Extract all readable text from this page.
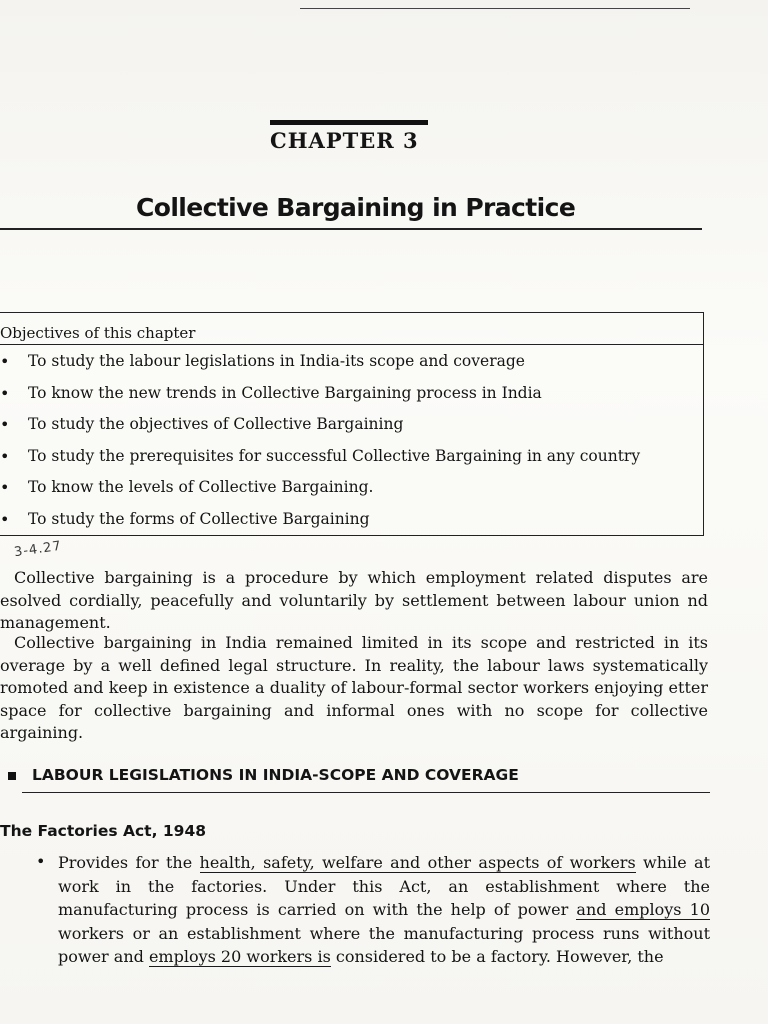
CHAPTER 3
Collective Bargaining in Practice
Objectives of this chapter
• To study the labour legislations in India-its scope and coverage
• To know the new trends in Collective Bargaining process in India
• To study the objectives of Collective Bargaining
• To study the prerequisites for successful Collective Bargaining in any country
• To know the levels of Collective Bargaining.
• To study the forms of Collective Bargaining
3-4.27
Collective bargaining is a procedure by which employment related disputes are esolved cordially, peacefully and voluntarily by settlement between labour union nd management.
Collective bargaining in India remained limited in its scope and restricted in its overage by a well defined legal structure. In reality, the labour laws systematically romoted and keep in existence a duality of labour-formal sector workers enjoying etter space for collective bargaining and informal ones with no scope for collective argaining.
LABOUR LEGISLATIONS IN INDIA-SCOPE AND COVERAGE
The Factories Act, 1948
• Provides for the health, safety, welfare and other aspects of workers while at work in the factories. Under this Act, an establishment where the manufacturing process is carried on with the help of power and employs 10 workers or an establishment where the manufacturing process runs without power and employs 20 workers is considered to be a factory. However, the
